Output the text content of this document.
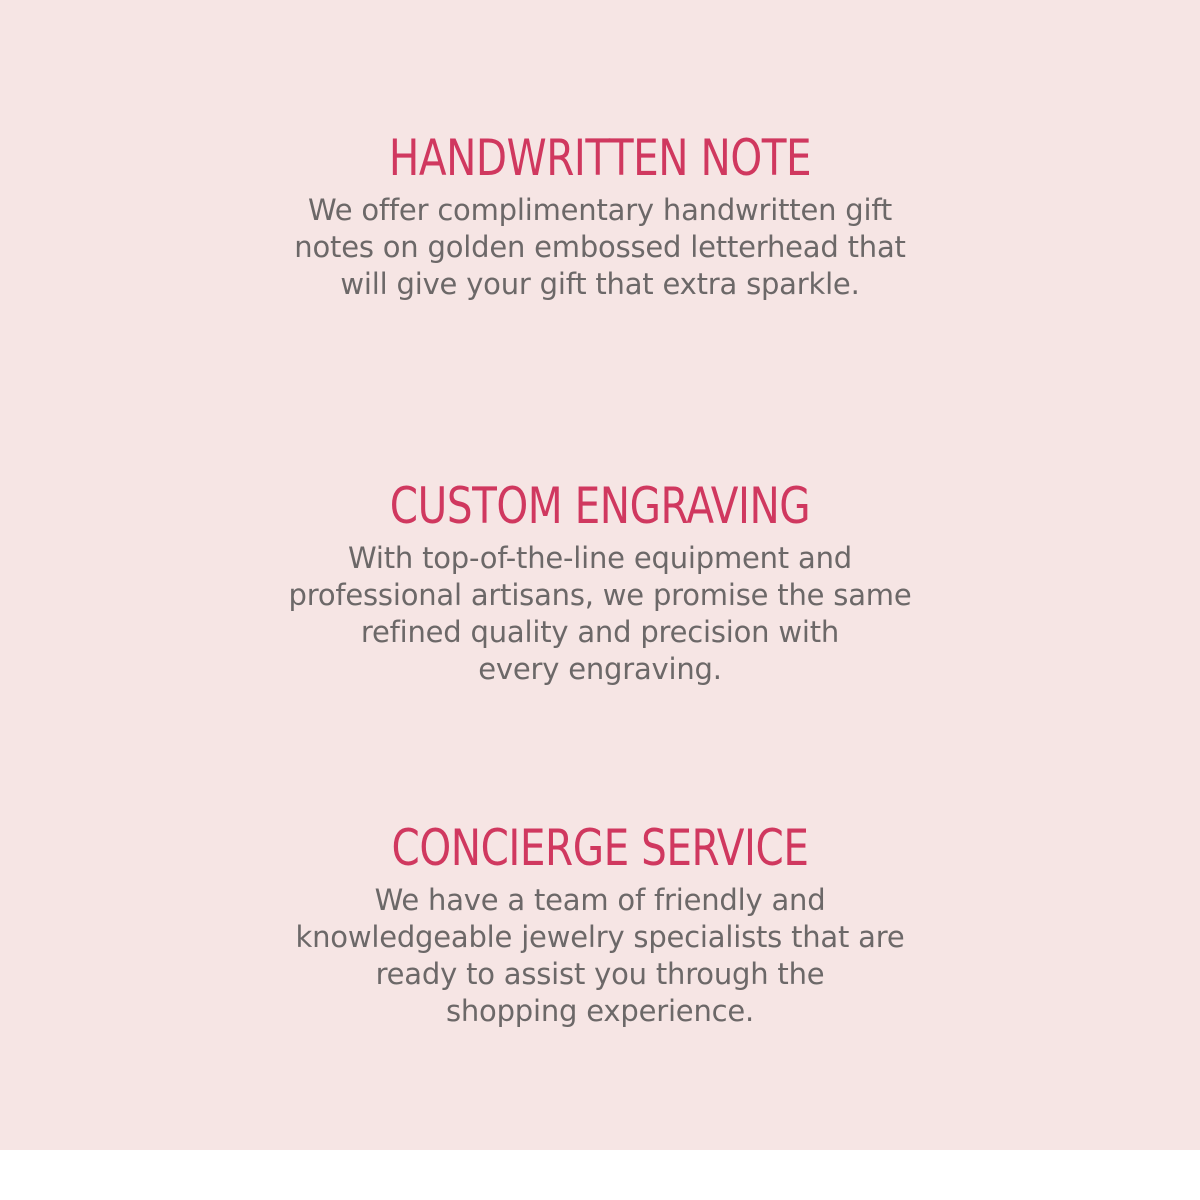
HANDWRITTEN NOTE

We offer complimentary handwritten gift
notes on golden embossed letterhead that
will give your gift that extra sparkle.

CUSTOM ENGRAVING

With top-of-the-line equipment and
professional artisans, we promise the same
refined quality and precision with
every engraving.

CONCIERGE SERVICE

We have a team of friendly and
knowledgeable jewelry specialists that are
ready to assist you through the
shopping experience.
